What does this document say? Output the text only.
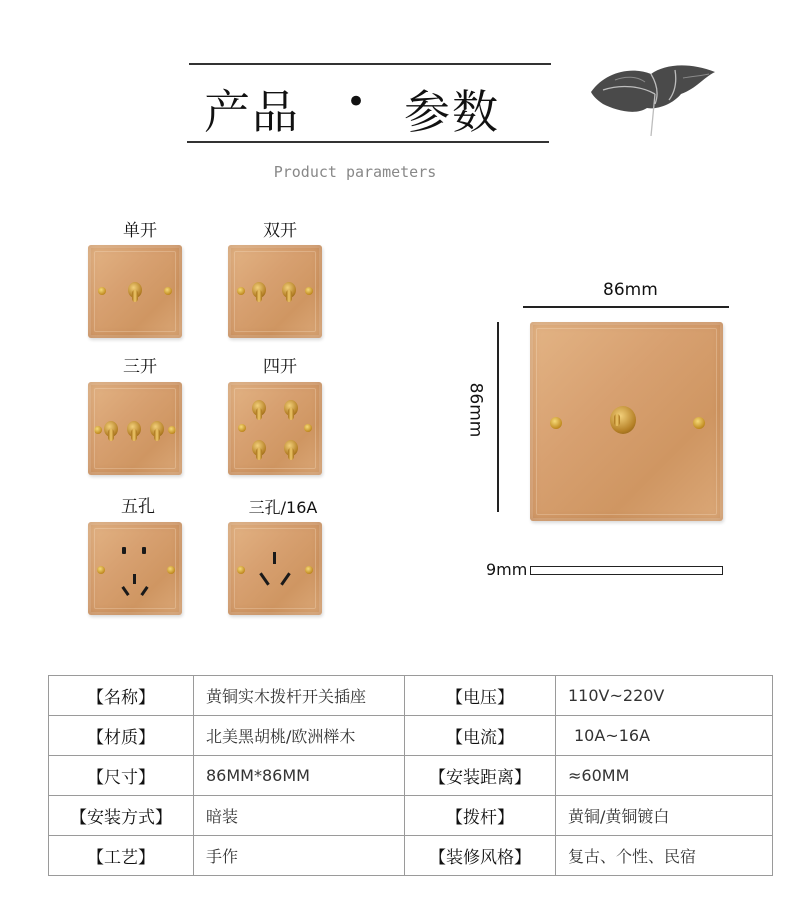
产品 • 参数
Product parameters
单开	双开
三开	四开
五孔	三孔/16A
86mm
86mm
9mm
【名称】	黄铜实木拨杆开关插座	【电压】	110V~220V
【材质】	北美黑胡桃/欧洲榉木	【电流】	10A~16A
【尺寸】	86MM*86MM	【安装距离】	≈60MM
【安装方式】	暗装	【拨杆】	黄铜/黄铜镀白
【工艺】	手作	【装修风格】	复古、个性、民宿
